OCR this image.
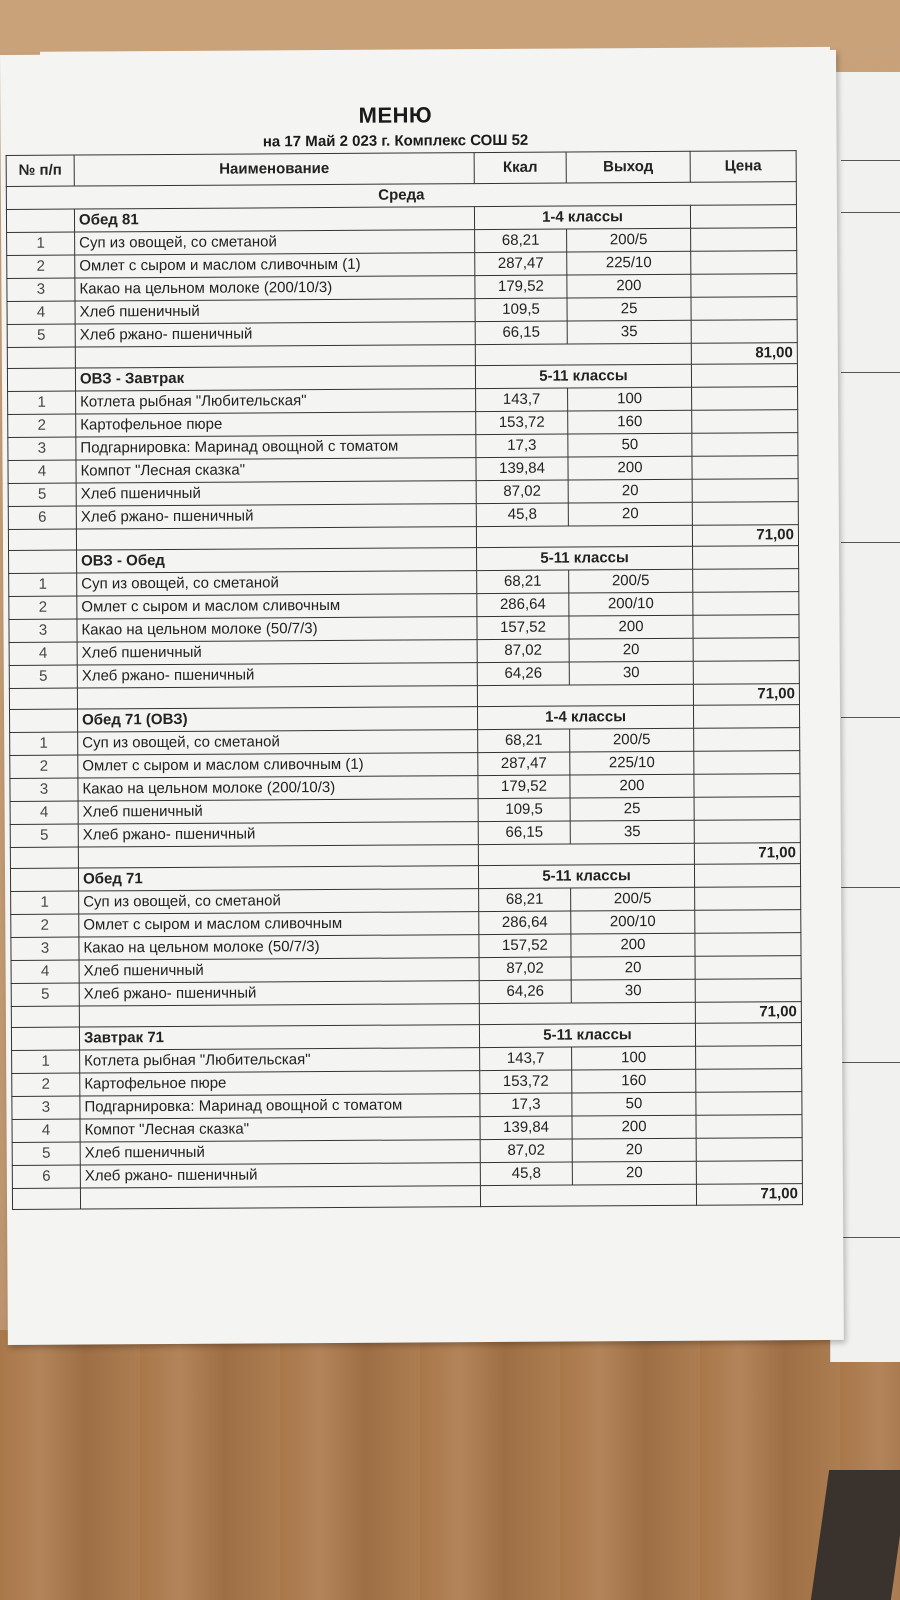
МЕНЮ
на 17 Май 2 023 г. Комплекс СОШ 52
№ п/п	Наименование	Ккал	Выход	Цена
Среда				
	Обед 81	1-4 классы		
1	Суп из овощей, со сметаной	68,21	200/5	
2	Омлет с сыром и маслом сливочным (1)	287,47	225/10	
3	Какао на цельном молоке (200/10/3)	179,52	200	
4	Хлеб пшеничный	109,5	25	
5	Хлеб ржано- пшеничный	66,15	35	
				81,00
	ОВЗ - Завтрак	5-11 классы		
1	Котлета рыбная "Любительская"	143,7	100	
2	Картофельное пюре	153,72	160	
3	Подгарнировка: Маринад овощной с томатом	17,3	50	
4	Компот "Лесная сказка"	139,84	200	
5	Хлеб пшеничный	87,02	20	
6	Хлеб ржано- пшеничный	45,8	20	
				71,00
	ОВЗ - Обед	5-11 классы		
1	Суп из овощей, со сметаной	68,21	200/5	
2	Омлет с сыром и маслом сливочным	286,64	200/10	
3	Какао на цельном молоке (50/7/3)	157,52	200	
4	Хлеб пшеничный	87,02	20	
5	Хлеб ржано- пшеничный	64,26	30	
				71,00
	Обед 71 (ОВЗ)	1-4 классы		
1	Суп из овощей, со сметаной	68,21	200/5	
2	Омлет с сыром и маслом сливочным (1)	287,47	225/10	
3	Какао на цельном молоке (200/10/3)	179,52	200	
4	Хлеб пшеничный	109,5	25	
5	Хлеб ржано- пшеничный	66,15	35	
				71,00
	Обед 71	5-11 классы		
1	Суп из овощей, со сметаной	68,21	200/5	
2	Омлет с сыром и маслом сливочным	286,64	200/10	
3	Какао на цельном молоке (50/7/3)	157,52	200	
4	Хлеб пшеничный	87,02	20	
5	Хлеб ржано- пшеничный	64,26	30	
				71,00
	Завтрак 71	5-11 классы		
1	Котлета рыбная "Любительская"	143,7	100	
2	Картофельное пюре	153,72	160	
3	Подгарнировка: Маринад овощной с томатом	17,3	50	
4	Компот "Лесная сказка"	139,84	200	
5	Хлеб пшеничный	87,02	20	
6	Хлеб ржано- пшеничный	45,8	20	
				71,00
